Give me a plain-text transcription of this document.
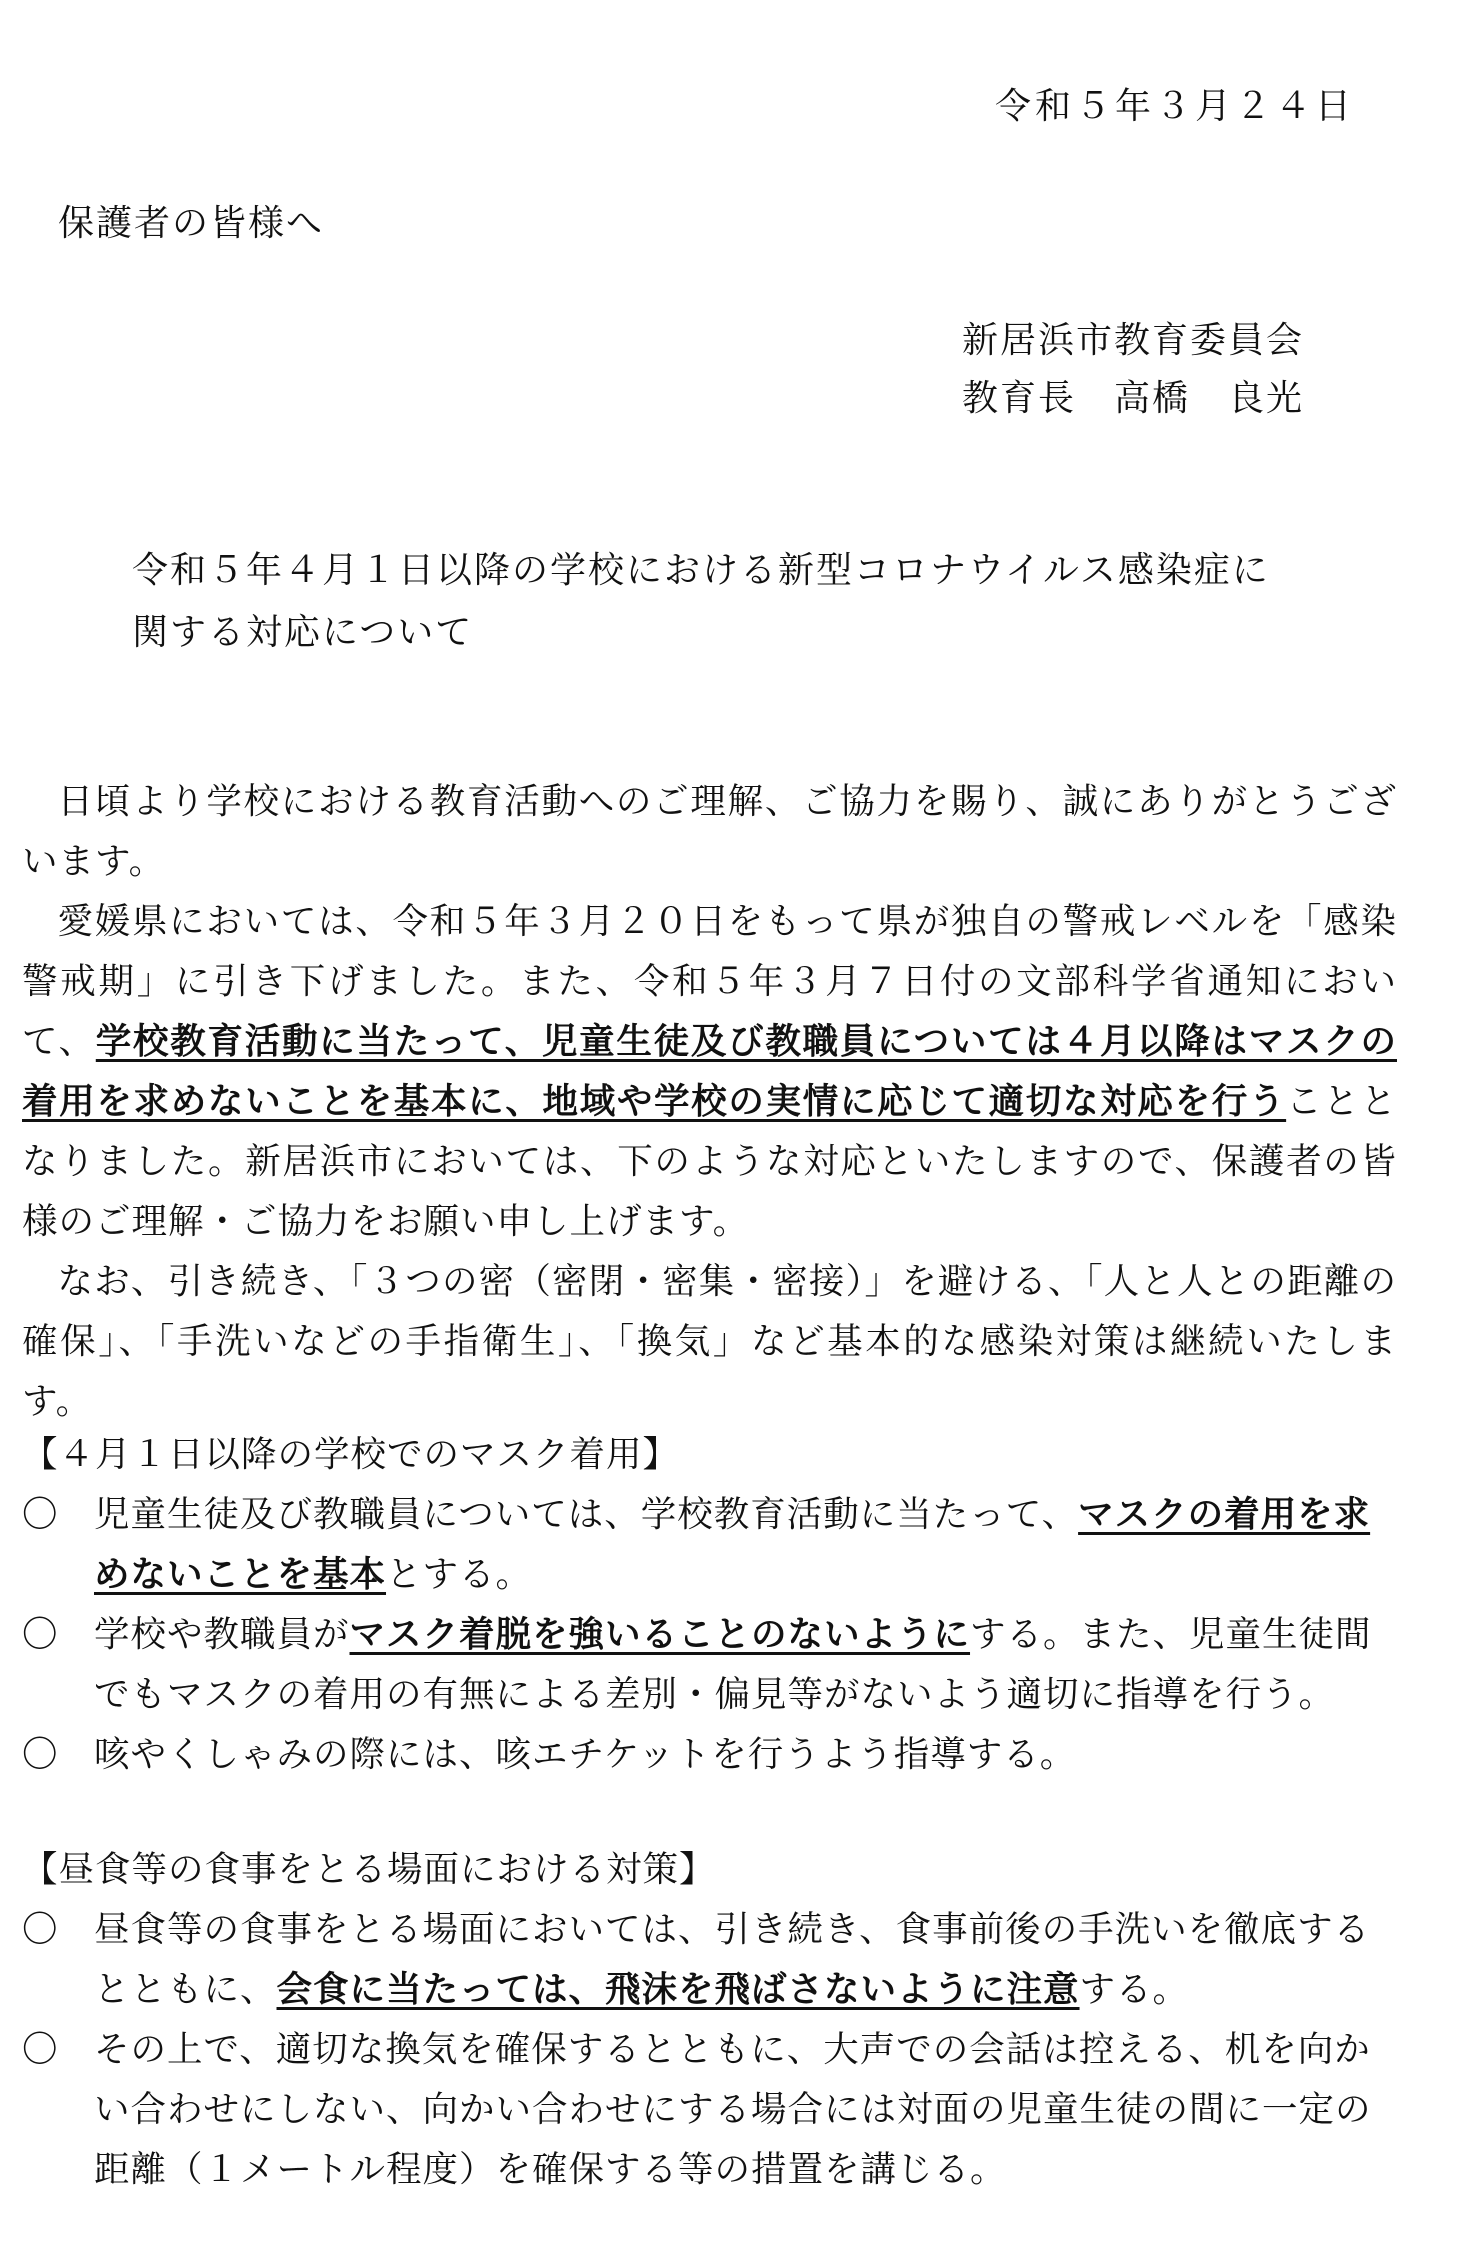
令和５年３月２４日
保護者の皆様へ
新居浜市教育委員会
教育長　高橋　良光
令和５年４月１日以降の学校における新型コロナウイルス感染症に関する対応について

日頃より学校における教育活動へのご理解、ご協力を賜り、誠にありがとうございます。

愛媛県においては、令和５年３月２０日をもって県が独自の警戒レベルを「感染警戒期」に引き下げました。また、令和５年３月７日付の文部科学省通知において、学校教育活動に当たって、児童生徒及び教職員については４月以降はマスクの着用を求めないことを基本に、地域や学校の実情に応じて適切な対応を行うこととなりました。新居浜市においては、下のような対応といたしますので、保護者の皆様のご理解・ご協力をお願い申し上げます。

なお、引き続き、「３つの密（密閉・密集・密接）」を避ける、「人と人との距離の確保」、「手洗いなどの手指衛生」、「換気」など基本的な感染対策は継続いたします。

【４月１日以降の学校でのマスク着用】
〇 児童生徒及び教職員については、学校教育活動に当たって、マスクの着用を求めないことを基本とする。
〇 学校や教職員がマスク着脱を強いることのないようにする。また、児童生徒間でもマスクの着用の有無による差別・偏見等がないよう適切に指導を行う。
〇 咳やくしゃみの際には、咳エチケットを行うよう指導する。
【昼食等の食事をとる場面における対策】
〇 昼食等の食事をとる場面においては、引き続き、食事前後の手洗いを徹底するとともに、会食に当たっては、飛沫を飛ばさないように注意する。
〇 その上で、適切な換気を確保するとともに、大声での会話は控える、机を向かい合わせにしない、向かい合わせにする場合には対面の児童生徒の間に一定の距離（１メートル程度）を確保する等の措置を講じる。
